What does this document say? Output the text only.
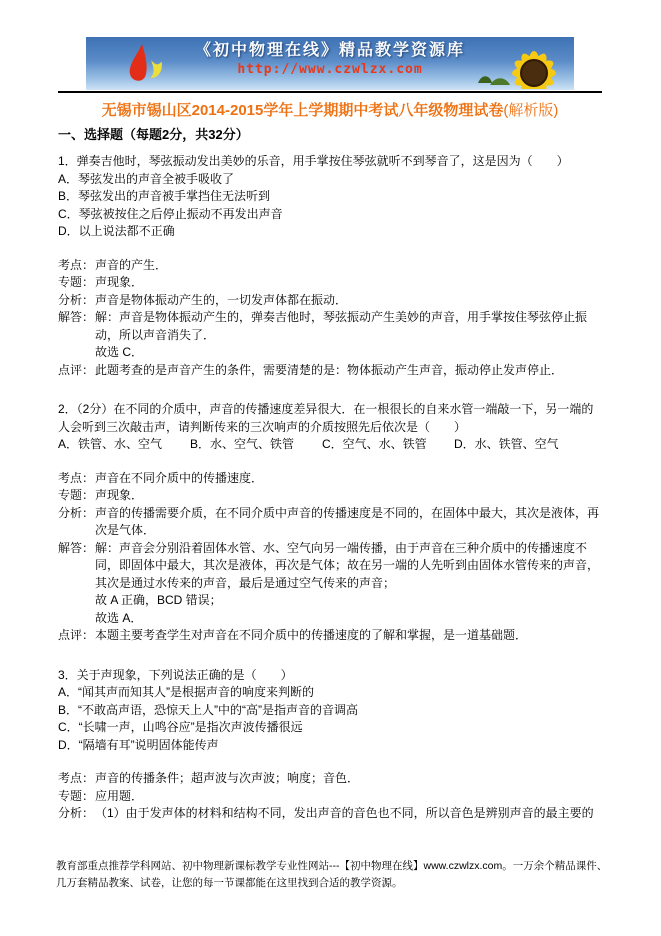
《初中物理在线》精品教学资源库
http://www.czwlzx.com
无锡市锡山区2014-2015学年上学期期中考试八年级物理试卷(解析版)
一、选择题（每题2分，共32分）
1．弹奏吉他时，琴弦振动发出美妙的乐音，用手掌按住琴弦就听不到琴音了，这是因为（　　）
A．琴弦发出的声音全被手吸收了
B．琴弦发出的声音被手掌挡住无法听到
C．琴弦被按住之后停止振动不再发出声音
D．以上说法都不正确
考点： 声音的产生．
专题： 声现象．
分析： 声音是物体振动产生的，一切发声体都在振动．
解答： 解：声音是物体振动产生的，弹奏吉他时，琴弦振动产生美妙的声音，用手掌按住琴弦停止振动，所以声音消失了．
故选 C．
点评： 此题考查的是声音产生的条件，需要清楚的是：物体振动产生声音，振动停止发声停止．
2．（2分）在不同的介质中，声音的传播速度差异很大．在一根很长的自来水管一端敲一下，另一端的人会听到三次敲击声，请判断传来的三次响声的介质按照先后依次是（　　）
A．铁管、水、空气	B．水、空气、铁管	C．空气、水、铁管	D．水、铁管、空气
考点： 声音在不同介质中的传播速度．
专题： 声现象．
分析： 声音的传播需要介质，在不同介质中声音的传播速度是不同的，在固体中最大，其次是液体，再次是气体．
解答： 解：声音会分别沿着固体水管、水、空气向另一端传播，由于声音在三种介质中的传播速度不同，即固体中最大，其次是液体，再次是气体；故在另一端的人先听到由固体水管传来的声音，其次是通过水传来的声音，最后是通过空气传来的声音；
故 A 正确，BCD 错误；
故选 A．
点评： 本题主要考查学生对声音在不同介质中的传播速度的了解和掌握，是一道基础题．
3．关于声现象，下列说法正确的是（　　）
A．“闻其声而知其人”是根据声音的响度来判断的
B．“不敢高声语，恐惊天上人”中的“高”是指声音的音调高
C．“长啸一声，山鸣谷应”是指次声波传播很远
D．“隔墙有耳”说明固体能传声
考点： 声音的传播条件；超声波与次声波；响度；音色．
专题： 应用题．
分析： （1）由于发声体的材料和结构不同，发出声音的音色也不同，所以音色是辨别声音的最主要的
教育部重点推荐学科网站、初中物理新课标教学专业性网站---【初中物理在线】www.czwlzx.com。一万余个精品课件、
几万套精品教案、试卷，让您的每一节课都能在这里找到合适的教学资源。
